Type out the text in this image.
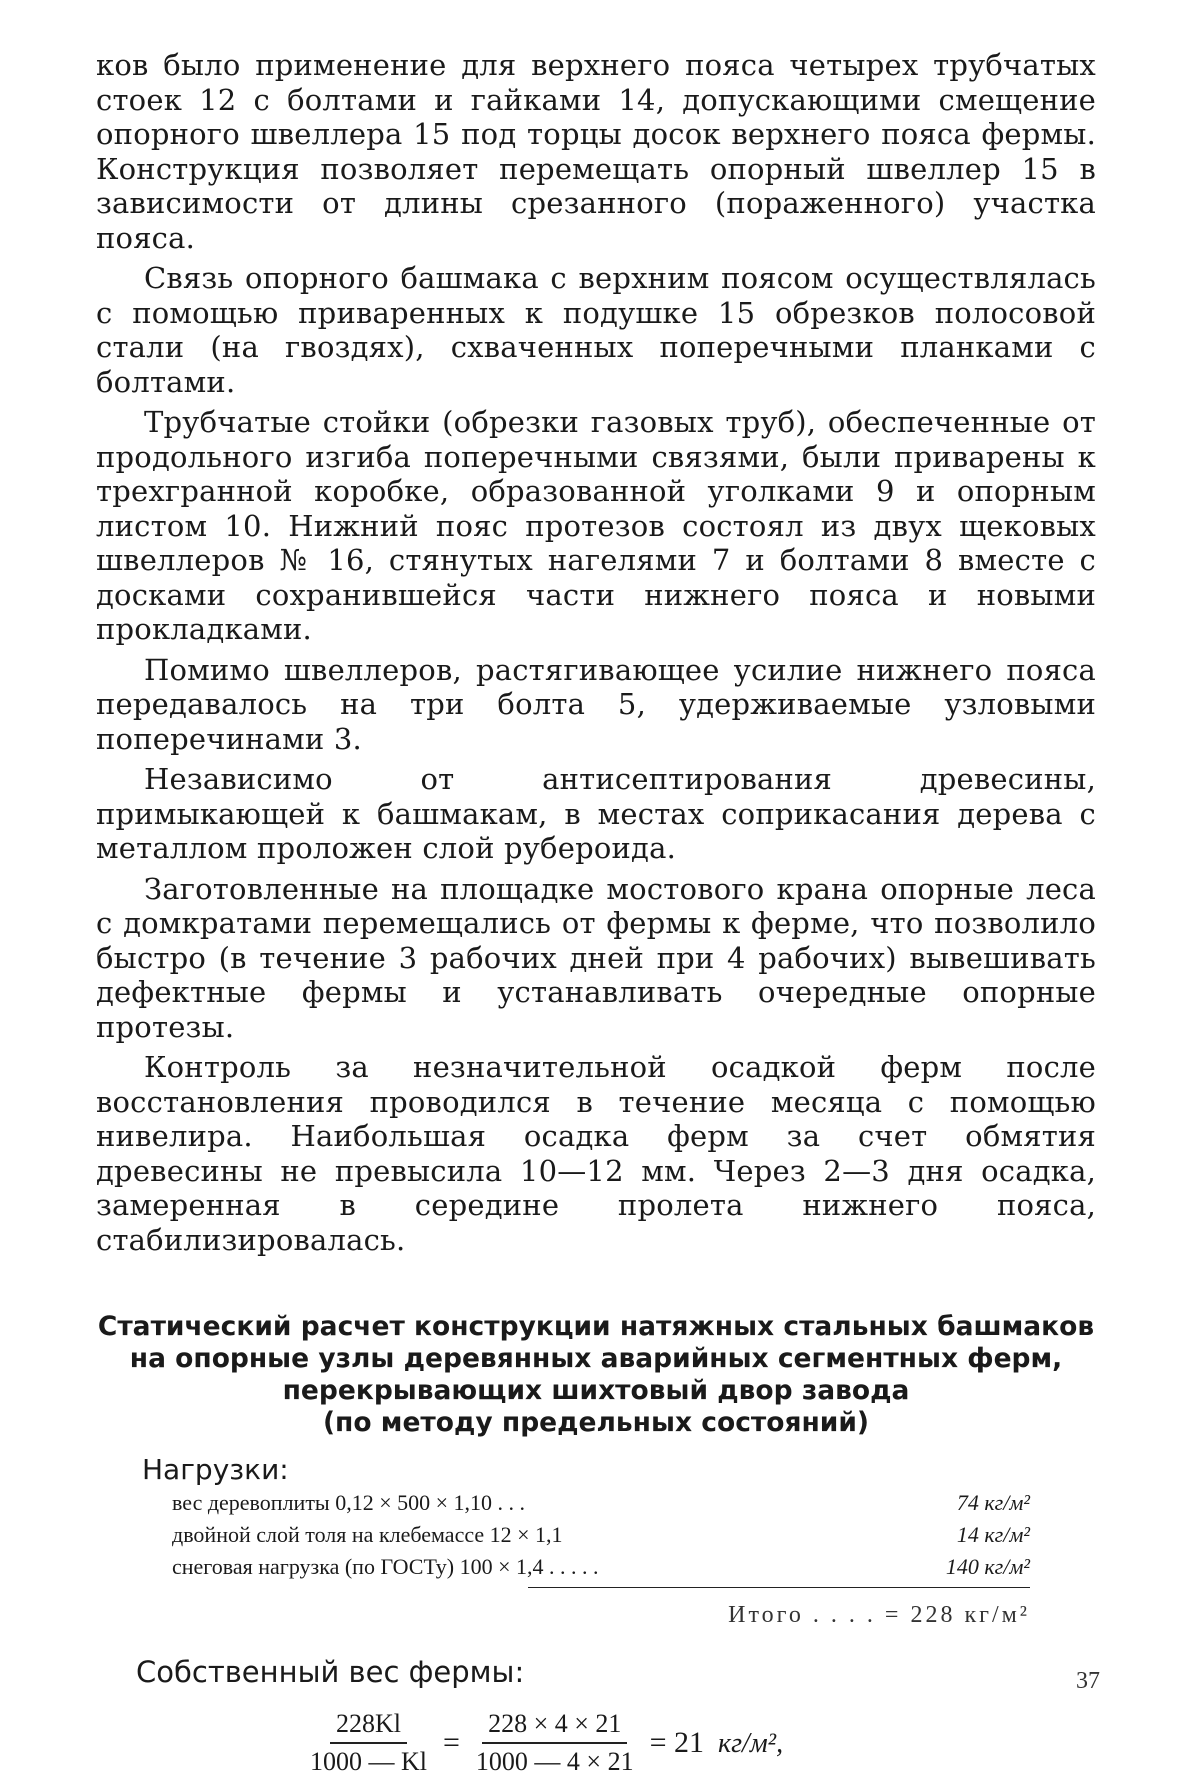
ков было применение для верхнего пояса четырех трубчатых стоек 12 с болтами и гайками 14, допускающими смещение опорного швеллера 15 под торцы досок верхнего пояса фермы. Конструкция позволяет перемещать опорный швеллер 15 в зависимости от длины срезанного (пораженного) участка пояса.

Связь опорного башмака с верхним поясом осуществлялась с помощью приваренных к подушке 15 обрезков полосовой стали (на гвоздях), схваченных поперечными планками с болтами.

Трубчатые стойки (обрезки газовых труб), обеспеченные от продольного изгиба поперечными связями, были приварены к трехгранной коробке, образованной уголками 9 и опорным листом 10. Нижний пояс протезов состоял из двух щековых швеллеров № 16, стянутых нагелями 7 и болтами 8 вместе с досками сохранившейся части нижнего пояса и новыми прокладками.

Помимо швеллеров, растягивающее усилие нижнего пояса передавалось на три болта 5, удерживаемые узловыми поперечинами 3.

Независимо от антисептирования древесины, примыкающей к башмакам, в местах соприкасания дерева с металлом проложен слой рубероида.

Заготовленные на площадке мостового крана опорные леса с домкратами перемещались от фермы к ферме, что позволило быстро (в течение 3 рабочих дней при 4 рабочих) вывешивать дефектные фермы и устанавливать очередные опорные протезы.

Контроль за незначительной осадкой ферм после восстановления проводился в течение месяца с помощью нивелира. Наибольшая осадка ферм за счет обмятия древесины не превысила 10—12 мм. Через 2—3 дня осадка, замеренная в середине пролета нижнего пояса, стабилизировалась.

Статический расчет конструкции натяжных стальных башмаков
на опорные узлы деревянных аварийных сегментных ферм,
перекрывающих шихтовый двор завода
(по методу предельных состояний)
Нагрузки:
вес деревоплиты 0,12 × 500 × 1,10 . . .	74 кг/м²
двойной слой толя на клебемассе 12 × 1,1	14 кг/м²
снеговая нагрузка (по ГОСТу) 100 × 1,4 . . . . .	140 кг/м²
Итого . . . . = 228 кг/м²
Собственный вес фермы:
$\frac{228Kl}{1000 — Kl} = \frac{228 \times 4 \times 21}{1000 — 4 \times 21} = 21$ кг/м²,
37
